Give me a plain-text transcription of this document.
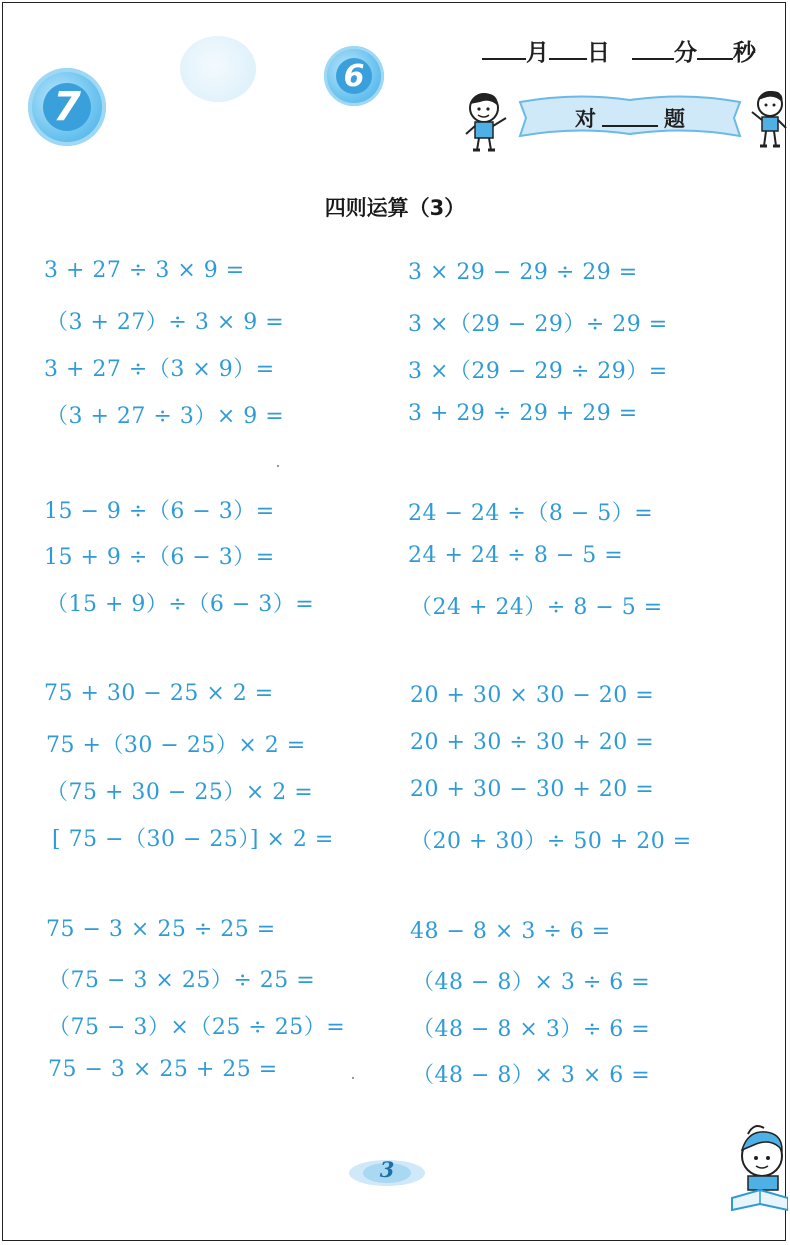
7
6
月 日	分 秒
对	题
四则运算（3）
3 + 27 ÷ 3 × 9 =
（3 + 27）÷ 3 × 9 =
3 + 27 ÷（3 × 9）=
（3 + 27 ÷ 3）× 9 =
3 × 29 − 29 ÷ 29 =
3 ×（29 − 29）÷ 29 =
3 ×（29 − 29 ÷ 29）=
3 + 29 ÷ 29 + 29 =
15 − 9 ÷（6 − 3）=
15 + 9 ÷（6 − 3）=
（15 + 9）÷（6 − 3）=
24 − 24 ÷（8 − 5）=
24 + 24 ÷ 8 − 5 =
（24 + 24）÷ 8 − 5 =
75 + 30 − 25 × 2 =
75 +（30 − 25）× 2 =
（75 + 30 − 25）× 2 =
[ 75 −（30 − 25）] × 2 =
20 + 30 × 30 − 20 =
20 + 30 ÷ 30 + 20 =
20 + 30 − 30 + 20 =
（20 + 30）÷ 50 + 20 =
75 − 3 × 25 ÷ 25 =
（75 − 3 × 25）÷ 25 =
（75 − 3）×（25 ÷ 25）=
75 − 3 × 25 + 25 =
48 − 8 × 3 ÷ 6 =
（48 − 8）× 3 ÷ 6 =
（48 − 8 × 3）÷ 6 =
（48 − 8）× 3 × 6 =
3
